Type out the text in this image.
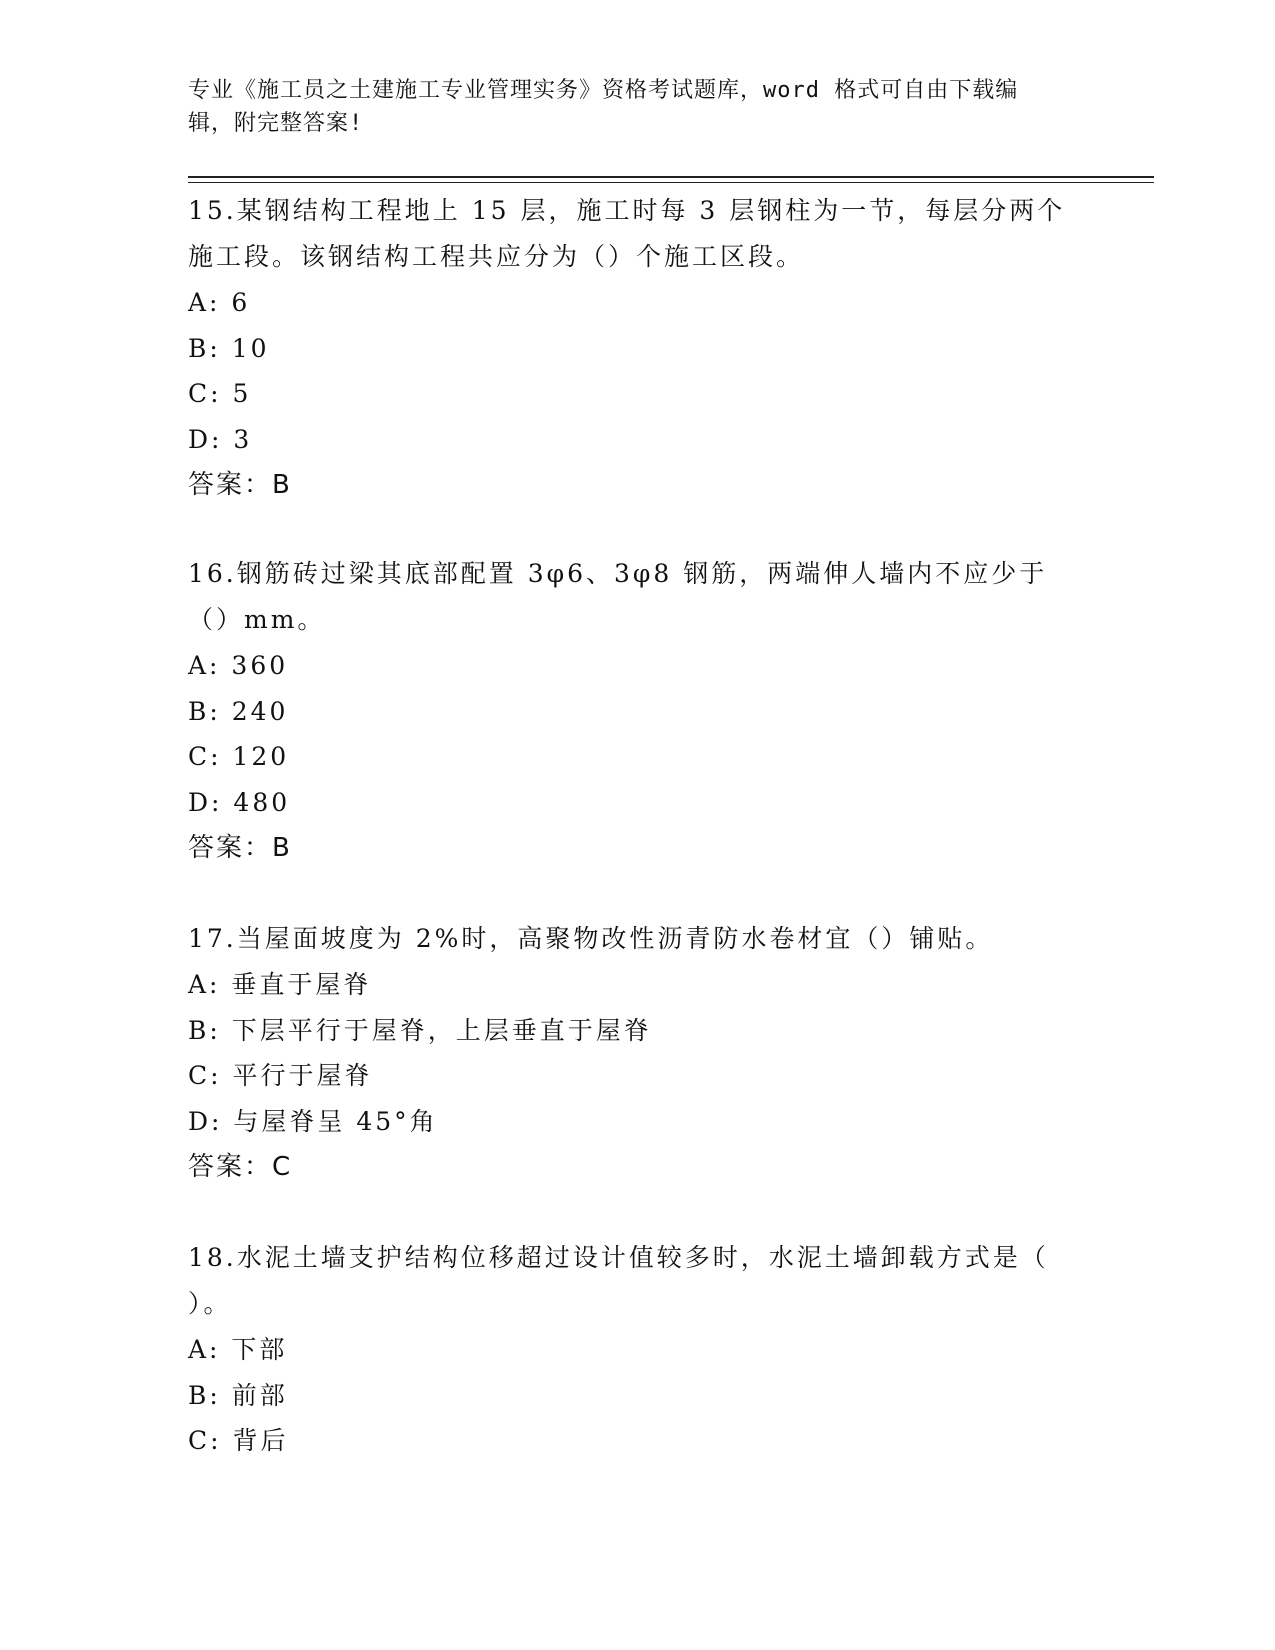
专业《施工员之土建施工专业管理实务》资格考试题库，word 格式可自由下载编
辑，附完整答案!

15.某钢结构工程地上 15 层，施工时每 3 层钢柱为一节，每层分两个

施工段。该钢结构工程共应分为（）个施工区段。

A: 6

B: 10

C: 5

D: 3

答案：B

16.钢筋砖过梁其底部配置 3φ6、3φ8 钢筋，两端伸人墙内不应少于

（）mm。

A: 360

B: 240

C: 120

D: 480

答案：B

17.当屋面坡度为 2%时，高聚物改性沥青防水卷材宜（）铺贴。

A: 垂直于屋脊

B: 下层平行于屋脊，上层垂直于屋脊

C: 平行于屋脊

D: 与屋脊呈 45°角

答案：C

18.水泥土墙支护结构位移超过设计值较多时，水泥土墙卸载方式是（

）。

A: 下部

B: 前部

C: 背后
